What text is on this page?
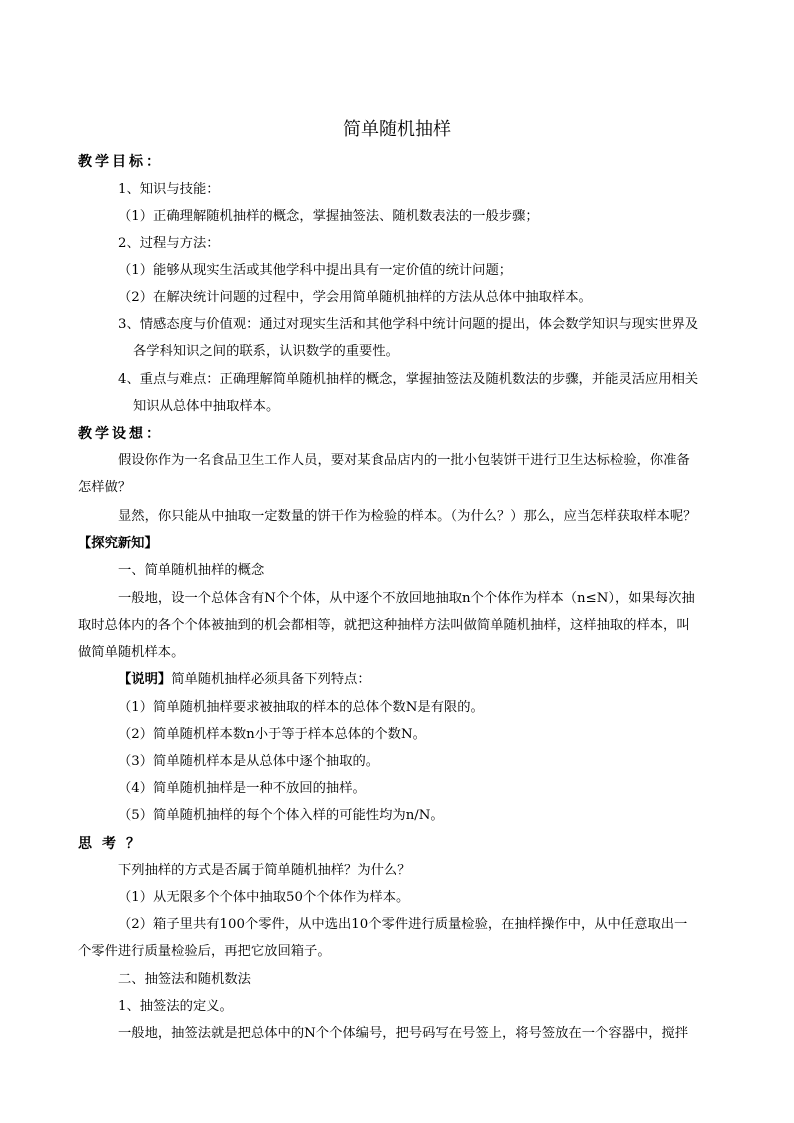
简单随机抽样
教学目标：
1、知识与技能：
（1）正确理解随机抽样的概念，掌握抽签法、随机数表法的一般步骤；
2、过程与方法：
（1）能够从现实生活或其他学科中提出具有一定价值的统计问题；
（2）在解决统计问题的过程中，学会用简单随机抽样的方法从总体中抽取样本。
3、情感态度与价值观：通过对现实生活和其他学科中统计问题的提出，体会数学知识与现实世界及
各学科知识之间的联系，认识数学的重要性。
4、重点与难点：正确理解简单随机抽样的概念，掌握抽签法及随机数法的步骤，并能灵活应用相关
知识从总体中抽取样本。
教学设想：
假设你作为一名食品卫生工作人员，要对某食品店内的一批小包装饼干进行卫生达标检验，你准备
怎样做？
显然，你只能从中抽取一定数量的饼干作为检验的样本。（为什么？）那么，应当怎样获取样本呢？
【探究新知】
一、简单随机抽样的概念
一般地，设一个总体含有N个个体，从中逐个不放回地抽取n个个体作为样本（n≤N），如果每次抽
取时总体内的各个个体被抽到的机会都相等，就把这种抽样方法叫做简单随机抽样，这样抽取的样本，叫
做简单随机样本。
【说明】简单随机抽样必须具备下列特点：
（1）简单随机抽样要求被抽取的样本的总体个数N是有限的。
（2）简单随机样本数n小于等于样本总体的个数N。
（3）简单随机样本是从总体中逐个抽取的。
（4）简单随机抽样是一种不放回的抽样。
（5）简单随机抽样的每个个体入样的可能性均为n/N。
思考？
下列抽样的方式是否属于简单随机抽样？为什么？
（1）从无限多个个体中抽取50个个体作为样本。
（2）箱子里共有100个零件，从中选出10个零件进行质量检验，在抽样操作中，从中任意取出一
个零件进行质量检验后，再把它放回箱子。
二、抽签法和随机数法
1、抽签法的定义。
一般地，抽签法就是把总体中的N个个体编号，把号码写在号签上，将号签放在一个容器中，搅拌
